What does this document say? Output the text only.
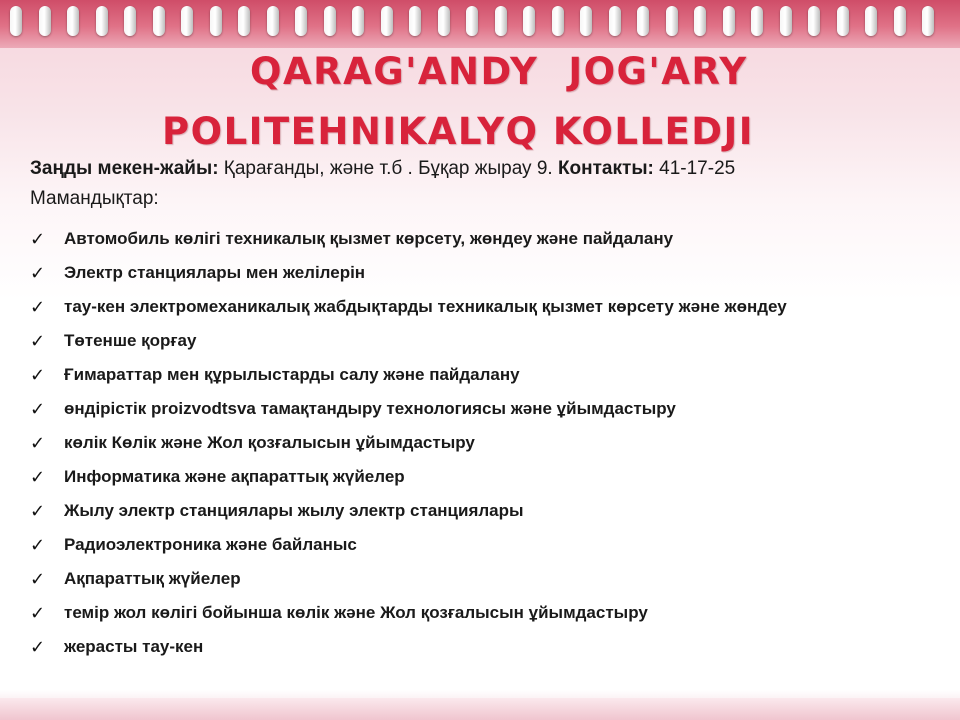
QARAG'ANDY JOG'ARY
POLITEHNIKALYQ KOLLEDJI

Заңды мекен-жайы: Қарағанды, және т.б . Бұқар жырау 9. Контакты: 41-17-25

Мамандықтар:

✓ Автомобиль көлігі техникалық қызмет көрсету, жөндеу және пайдалану
✓ Электр станциялары мен желілерін
✓ тау-кен электромеханикалық жабдықтарды техникалық қызмет көрсету және жөндеу
✓ Төтенше қорғау
✓ Ғимараттар мен құрылыстарды салу және пайдалану
✓ өндірістік proizvodtsva тамақтандыру технологиясы және ұйымдастыру
✓ көлік Көлік және Жол қозғалысын ұйымдастыру
✓ Информатика және ақпараттық жүйелер
✓ Жылу электр станциялары жылу электр станциялары
✓ Радиоэлектроника және байланыс
✓ Ақпараттық жүйелер
✓ темір жол көлігі бойынша көлік және Жол қозғалысын ұйымдастыру
✓ жерасты тау-кен
